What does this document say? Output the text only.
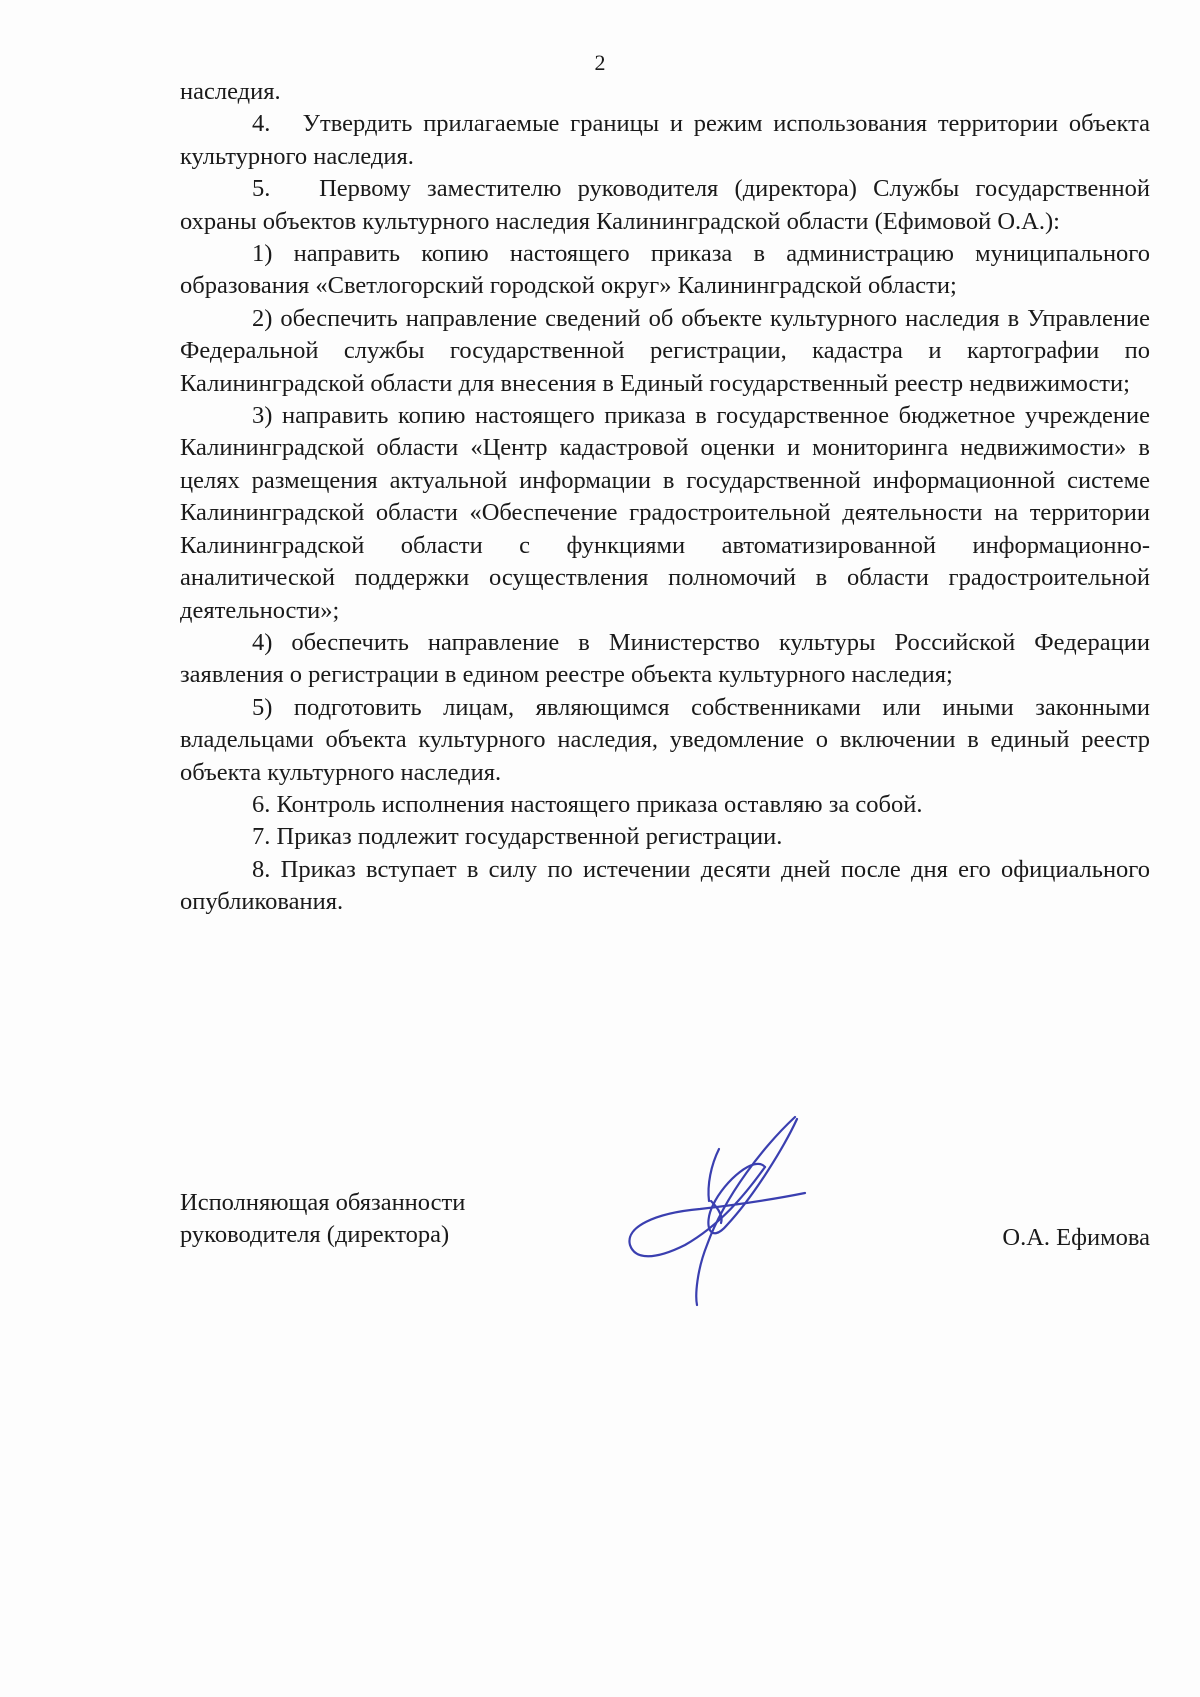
2

наследия.

4.   Утвердить прилагаемые границы и режим использования территории объекта культурного наследия.

5.   Первому заместителю руководителя (директора) Службы государственной охраны объектов культурного наследия Калининградской области (Ефимовой О.А.):

1) направить копию настоящего приказа в администрацию муниципального образования «Светлогорский городской округ» Калининградской области;

2) обеспечить направление сведений об объекте культурного наследия в Управление Федеральной службы государственной регистрации, кадастра и картографии по Калининградской области для внесения в Единый государственный реестр недвижимости;

3) направить копию настоящего приказа в государственное бюджетное учреждение Калининградской области «Центр кадастровой оценки и мониторинга недвижимости» в целях размещения актуальной информации в государственной информационной системе Калининградской области «Обеспечение градостроительной деятельности на территории Калининградской области с функциями автоматизированной информационно-аналитической поддержки осуществления полномочий в области градостроительной деятельности»;

4) обеспечить направление в Министерство культуры Российской Федерации заявления о регистрации в едином реестре объекта культурного наследия;

5) подготовить лицам, являющимся собственниками или иными законными владельцами объекта культурного наследия, уведомление о включении в единый реестр объекта культурного наследия.

6. Контроль исполнения настоящего приказа оставляю за собой.

7. Приказ подлежит государственной регистрации.

8. Приказ вступает в силу по истечении десяти дней после дня его официального опубликования.

Исполняющая обязанности
руководителя (директора)	О.А. Ефимова
